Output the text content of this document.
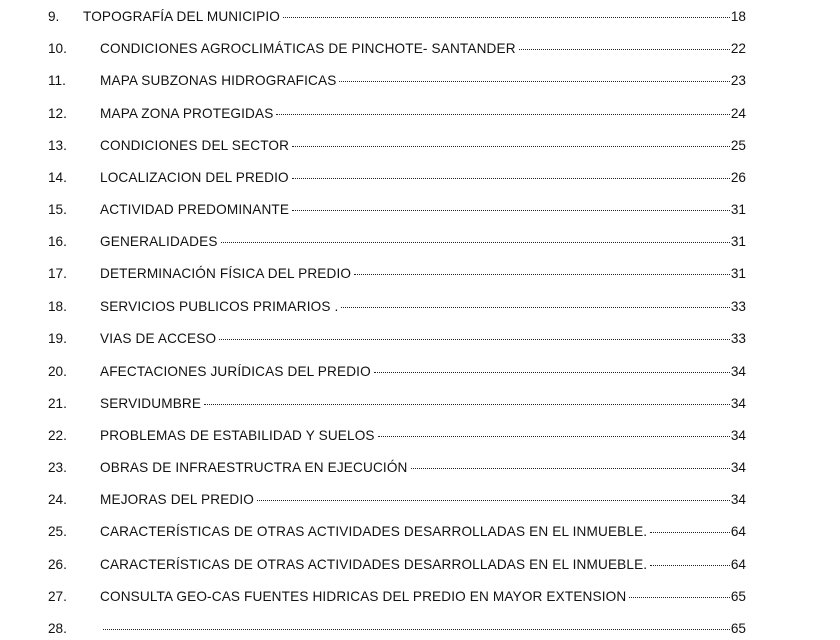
9. TOPOGRAFÍA DEL MUNICIPIO	18
10. CONDICIONES AGROCLIMÁTICAS DE PINCHOTE- SANTANDER	22
11.	MAPA SUBZONAS HIDROGRAFICAS	23
12. MAPA ZONA PROTEGIDAS	24
13. CONDICIONES DEL SECTOR	25
14. LOCALIZACION DEL PREDIO	26
15. ACTIVIDAD PREDOMINANTE	31
16. GENERALIDADES	31
17. DETERMINACIÓN FÍSICA DEL PREDIO	31
18. SERVICIOS PUBLICOS PRIMARIOS .	33
19. VIAS DE ACCESO	33
20. AFECTACIONES JURÍDICAS DEL PREDIO	34
21. SERVIDUMBRE	34
22. PROBLEMAS DE ESTABILIDAD Y SUELOS	34
23. OBRAS DE INFRAESTRUCTRA EN EJECUCIÓN	34
24. MEJORAS DEL PREDIO	34
25. CARACTERÍSTICAS DE OTRAS ACTIVIDADES DESARROLLADAS EN EL INMUEBLE.	64
26. CARACTERÍSTICAS DE OTRAS ACTIVIDADES DESARROLLADAS EN EL INMUEBLE.	64
27. CONSULTA GEO-CAS FUENTES HIDRICAS DEL PREDIO EN MAYOR EXTENSION	65
28.	65
